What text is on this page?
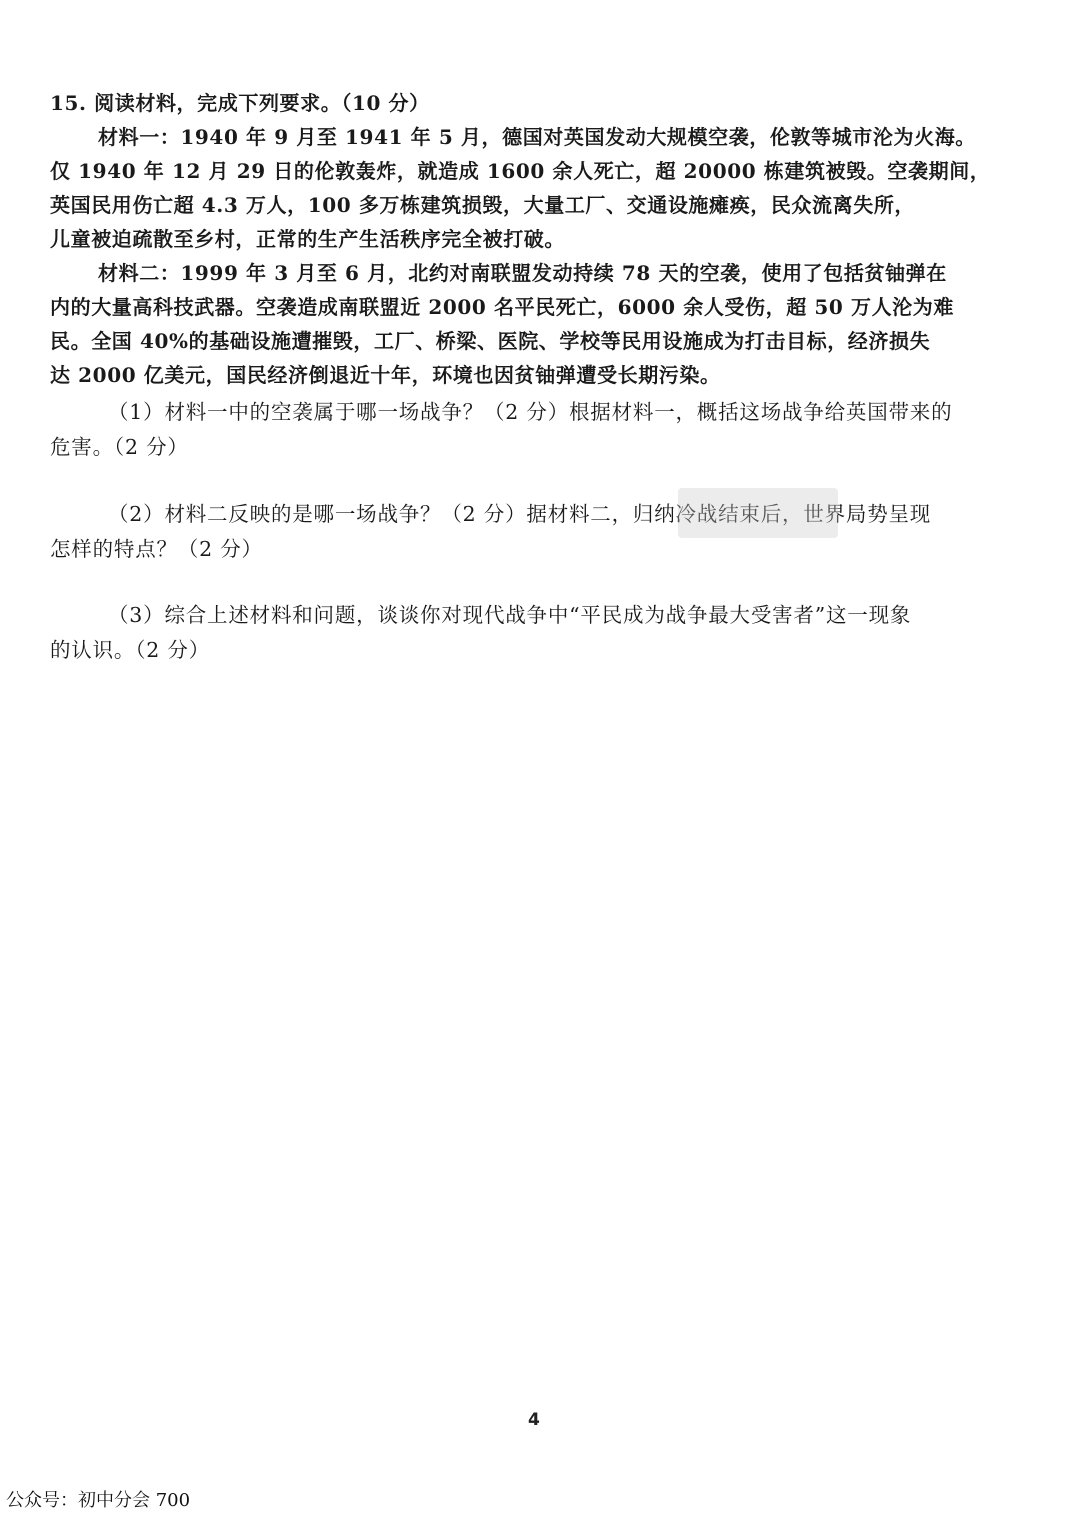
15. 阅读材料，完成下列要求。（10 分）
材料一：1940 年 9 月至 1941 年 5 月，德国对英国发动大规模空袭，伦敦等城市沦为火海。
仅 1940 年 12 月 29 日的伦敦轰炸，就造成 1600 余人死亡，超 20000 栋建筑被毁。空袭期间，
英国民用伤亡超 4.3 万人，100 多万栋建筑损毁，大量工厂、交通设施瘫痪，民众流离失所，
儿童被迫疏散至乡村，正常的生产生活秩序完全被打破。
材料二：1999 年 3 月至 6 月，北约对南联盟发动持续 78 天的空袭，使用了包括贫铀弹在
内的大量高科技武器。空袭造成南联盟近 2000 名平民死亡，6000 余人受伤，超 50 万人沦为难
民。全国 40%的基础设施遭摧毁，工厂、桥梁、医院、学校等民用设施成为打击目标，经济损失
达 2000 亿美元，国民经济倒退近十年，环境也因贫铀弹遭受长期污染。
（1）材料一中的空袭属于哪一场战争？（2 分）根据材料一，概括这场战争给英国带来的
危害。（2 分）
（2）材料二反映的是哪一场战争？（2 分）据材料二，归纳冷战结束后，世界局势呈现
怎样的特点？（2 分）
（3）综合上述材料和问题，谈谈你对现代战争中“平民成为战争最大受害者”这一现象
的认识。（2 分）
4
公众号：初中分会 700
